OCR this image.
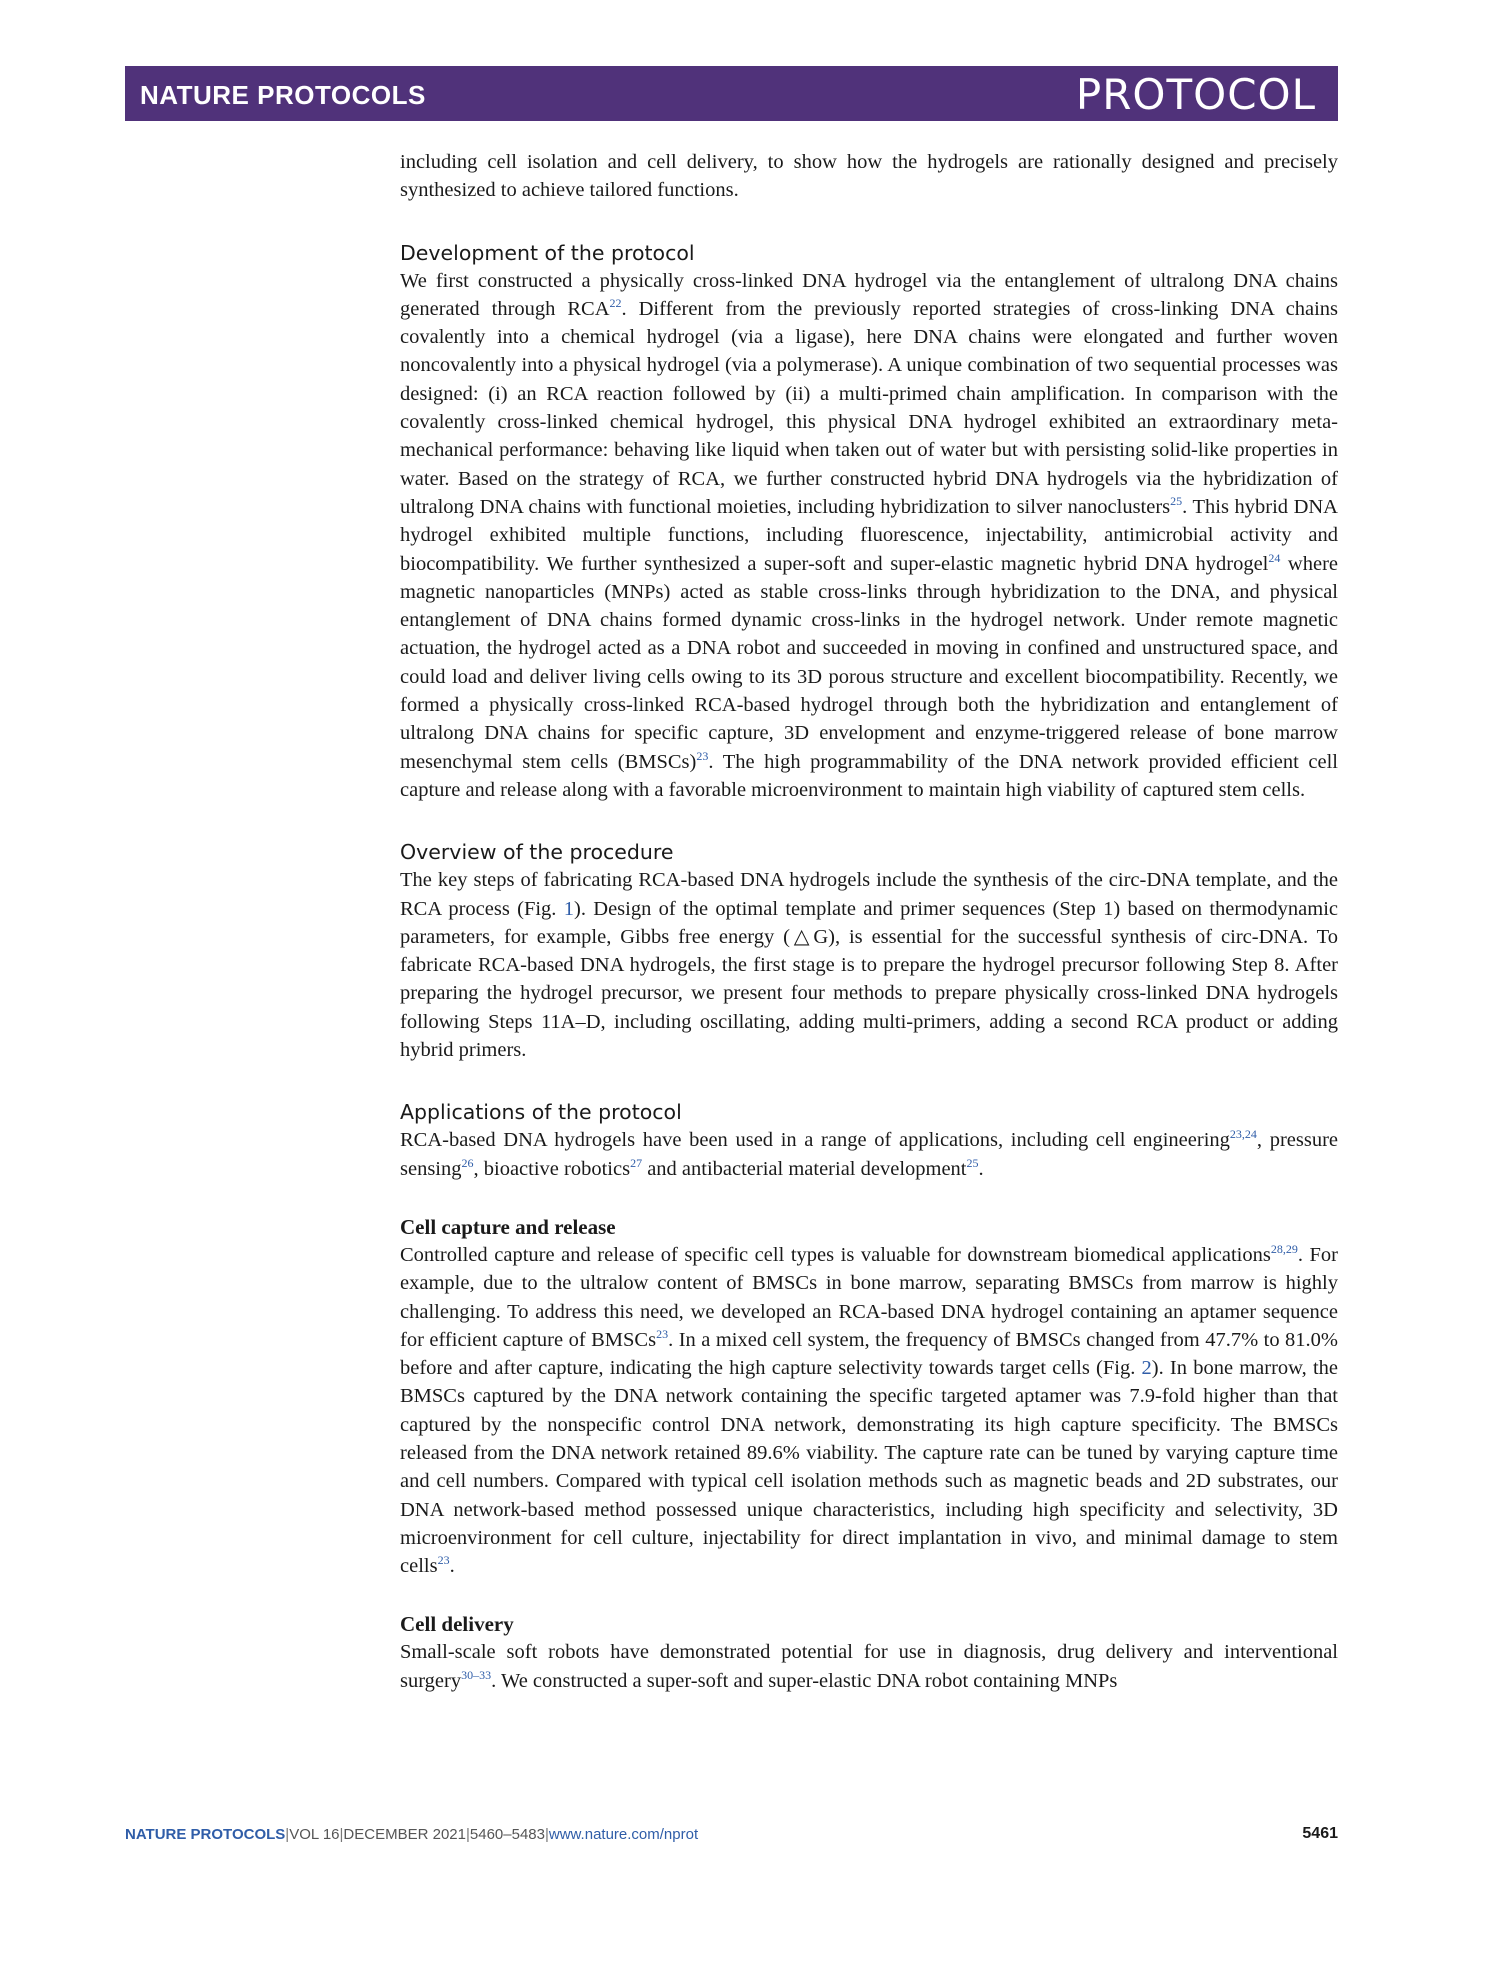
NATURE PROTOCOLS	PROTOCOL

including cell isolation and cell delivery, to show how the hydrogels are rationally designed and precisely synthesized to achieve tailored functions.

Development of the protocol

We first constructed a physically cross-linked DNA hydrogel via the entanglement of ultralong DNA chains generated through RCA$^{22}$. Different from the previously reported strategies of cross-linking DNA chains covalently into a chemical hydrogel (via a ligase), here DNA chains were elongated and further woven noncovalently into a physical hydrogel (via a polymerase). A unique combination of two sequential processes was designed: (i) an RCA reaction followed by (ii) a multi-primed chain amplification. In comparison with the covalently cross-linked chemical hydrogel, this physical DNA hydrogel exhibited an extraordinary meta-mechanical performance: behaving like liquid when taken out of water but with persisting solid-like properties in water. Based on the strategy of RCA, we further constructed hybrid DNA hydrogels via the hybridization of ultralong DNA chains with functional moieties, including hybridization to silver nanoclusters$^{25}$. This hybrid DNA hydrogel exhibited multiple functions, including fluorescence, injectability, antimicrobial activity and biocompatibility. We further synthesized a super-soft and super-elastic magnetic hybrid DNA hydrogel$^{24}$ where magnetic nanoparticles (MNPs) acted as stable cross-links through hybridization to the DNA, and physical entanglement of DNA chains formed dynamic cross-links in the hydrogel network. Under remote magnetic actuation, the hydrogel acted as a DNA robot and succeeded in moving in confined and unstructured space, and could load and deliver living cells owing to its 3D porous structure and excellent biocompatibility. Recently, we formed a physically cross-linked RCA-based hydrogel through both the hybridization and entanglement of ultralong DNA chains for specific capture, 3D envelopment and enzyme-triggered release of bone marrow mesenchymal stem cells (BMSCs)$^{23}$. The high programmability of the DNA network provided efficient cell capture and release along with a favorable microenvironment to maintain high viability of captured stem cells.

Overview of the procedure

The key steps of fabricating RCA-based DNA hydrogels include the synthesis of the circ-DNA template, and the RCA process (Fig. 1). Design of the optimal template and primer sequences (Step 1) based on thermodynamic parameters, for example, Gibbs free energy (△G), is essential for the successful synthesis of circ-DNA. To fabricate RCA-based DNA hydrogels, the first stage is to prepare the hydrogel precursor following Step 8. After preparing the hydrogel precursor, we present four methods to prepare physically cross-linked DNA hydrogels following Steps 11A–D, including oscillating, adding multi-primers, adding a second RCA product or adding hybrid primers.

Applications of the protocol

RCA-based DNA hydrogels have been used in a range of applications, including cell engineering$^{23,24}$, pressure sensing$^{26}$, bioactive robotics$^{27}$ and antibacterial material development$^{25}$.

Cell capture and release

Controlled capture and release of specific cell types is valuable for downstream biomedical applications$^{28,29}$. For example, due to the ultralow content of BMSCs in bone marrow, separating BMSCs from marrow is highly challenging. To address this need, we developed an RCA-based DNA hydrogel containing an aptamer sequence for efficient capture of BMSCs$^{23}$. In a mixed cell system, the frequency of BMSCs changed from 47.7% to 81.0% before and after capture, indicating the high capture selectivity towards target cells (Fig. 2). In bone marrow, the BMSCs captured by the DNA network containing the specific targeted aptamer was 7.9-fold higher than that captured by the nonspecific control DNA network, demonstrating its high capture specificity. The BMSCs released from the DNA network retained 89.6% viability. The capture rate can be tuned by varying capture time and cell numbers. Compared with typical cell isolation methods such as magnetic beads and 2D substrates, our DNA network-based method possessed unique characteristics, including high specificity and selectivity, 3D microenvironment for cell culture, injectability for direct implantation in vivo, and minimal damage to stem cells$^{23}$.

Cell delivery

Small-scale soft robots have demonstrated potential for use in diagnosis, drug delivery and interventional surgery$^{30-33}$. We constructed a super-soft and super-elastic DNA robot containing MNPs

NATURE PROTOCOLS|VOL 16|DECEMBER 2021|5460–5483|www.nature.com/nprot	5461
